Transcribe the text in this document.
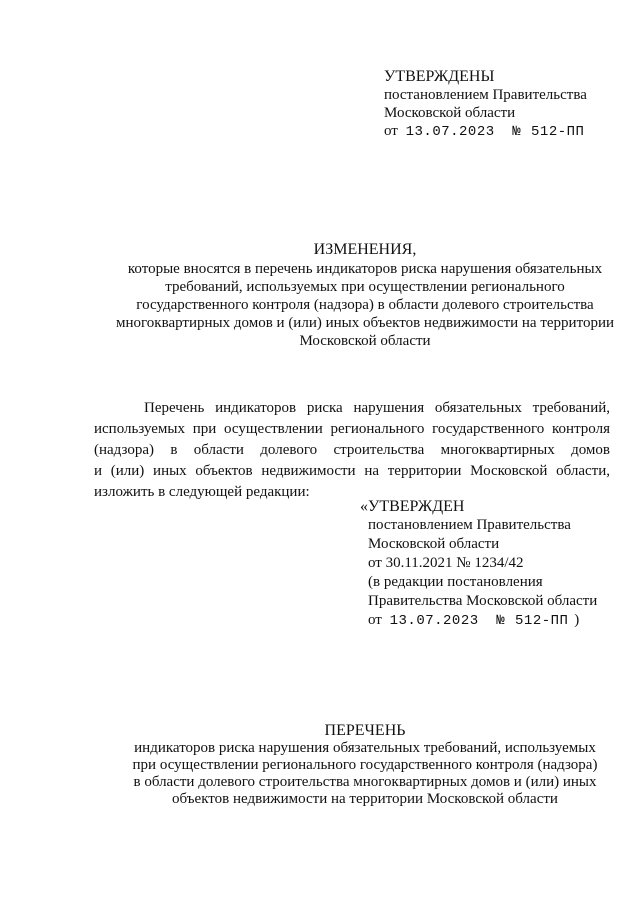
УТВЕРЖДЕНЫ
постановлением Правительства
Московской области
от 13.07.2023 № 512-ПП
ИЗМЕНЕНИЯ,
которые вносятся в перечень индикаторов риска нарушения обязательных
требований, используемых при осуществлении регионального
государственного контроля (надзора) в области долевого строительства
многоквартирных домов и (или) иных объектов недвижимости на территории
Московской области
Перечень индикаторов риска нарушения обязательных требований,
используемых при осуществлении регионального государственного контроля
(надзора) в области долевого строительства многоквартирных домов
и (или) иных объектов недвижимости на территории Московской области,
изложить в следующей редакции:
«УТВЕРЖДЕН
постановлением Правительства
Московской области
от 30.11.2021 № 1234/42
(в редакции постановления
Правительства Московской области
от 13.07.2023 № 512-ПП )
ПЕРЕЧЕНЬ
индикаторов риска нарушения обязательных требований, используемых
при осуществлении регионального государственного контроля (надзора)
в области долевого строительства многоквартирных домов и (или) иных
объектов недвижимости на территории Московской области
